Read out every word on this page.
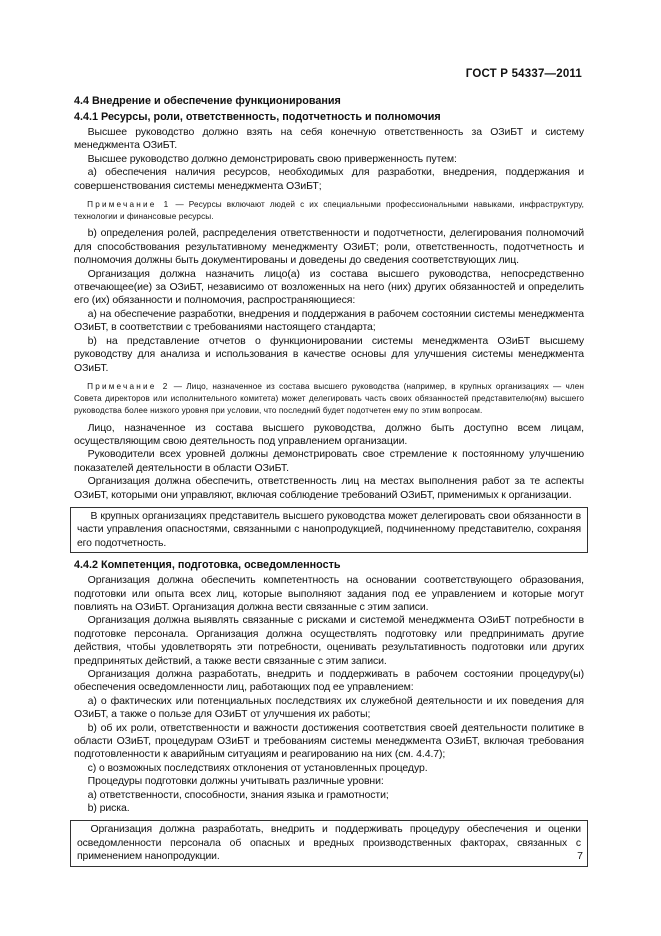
ГОСТ Р 54337—2011

4.4 Внедрение и обеспечение функционирования

4.4.1 Ресурсы, роли, ответственность, подотчетность и полномочия

Высшее руководство должно взять на себя конечную ответственность за ОЗиБТ и систему менеджмента ОЗиБТ.

Высшее руководство должно демонстрировать свою приверженность путем:

а) обеспечения наличия ресурсов, необходимых для разработки, внедрения, поддержания и совершенствования системы менеджмента ОЗиБТ;

Примечание 1 — Ресурсы включают людей с их специальными профессиональными навыками, инфраструктуру, технологии и финансовые ресурсы.

b) определения ролей, распределения ответственности и подотчетности, делегирования полномочий для способствования результативному менеджменту ОЗиБТ; роли, ответственность, подотчетность и полномочия должны быть документированы и доведены до сведения соответствующих лиц.

Организация должна назначить лицо(а) из состава высшего руководства, непосредственно отвечающее(ие) за ОЗиБТ, независимо от возложенных на него (них) других обязанностей и определить его (их) обязанности и полномочия, распространяющиеся:

а) на обеспечение разработки, внедрения и поддержания в рабочем состоянии системы менеджмента ОЗиБТ, в соответствии с требованиями настоящего стандарта;

b) на представление отчетов о функционировании системы менеджмента ОЗиБТ высшему руководству для анализа и использования в качестве основы для улучшения системы менеджмента ОЗиБТ.

Примечание 2 — Лицо, назначенное из состава высшего руководства (например, в крупных организациях — член Совета директоров или исполнительного комитета) может делегировать часть своих обязанностей представителю(ям) высшего руководства более низкого уровня при условии, что последний будет подотчетен ему по этим вопросам.

Лицо, назначенное из состава высшего руководства, должно быть доступно всем лицам, осуществляющим свою деятельность под управлением организации.

Руководители всех уровней должны демонстрировать свое стремление к постоянному улучшению показателей деятельности в области ОЗиБТ.

Организация должна обеспечить, ответственность лиц на местах выполнения работ за те аспекты ОЗиБТ, которыми они управляют, включая соблюдение требований ОЗиБТ, применимых к организации.

В крупных организациях представитель высшего руководства может делегировать свои обязанности в части управления опасностями, связанными с нанопродукцией, подчиненному представителю, сохраняя его подотчетность.

4.4.2 Компетенция, подготовка, осведомленность

Организация должна обеспечить компетентность на основании соответствующего образования, подготовки или опыта всех лиц, которые выполняют задания под ее управлением и которые могут повлиять на ОЗиБТ. Организация должна вести связанные с этим записи.

Организация должна выявлять связанные с рисками и системой менеджмента ОЗиБТ потребности в подготовке персонала. Организация должна осуществлять подготовку или предпринимать другие действия, чтобы удовлетворять эти потребности, оценивать результативность подготовки или других предпринятых действий, а также вести связанные с этим записи.

Организация должна разработать, внедрить и поддерживать в рабочем состоянии процедуру(ы) обеспечения осведомленности лиц, работающих под ее управлением:

а) о фактических или потенциальных последствиях их служебной деятельности и их поведения для ОЗиБТ, а также о пользе для ОЗиБТ от улучшения их работы;

b) об их роли, ответственности и важности достижения соответствия своей деятельности политике в области ОЗиБТ, процедурам ОЗиБТ и требованиям системы менеджмента ОЗиБТ, включая требования подготовленности к аварийным ситуациям и реагированию на них (см. 4.4.7);

c) о возможных последствиях отклонения от установленных процедур.

Процедуры подготовки должны учитывать различные уровни:

а) ответственности, способности, знания языка и грамотности;

b) риска.

Организация должна разработать, внедрить и поддерживать процедуру обеспечения и оценки осведомленности персонала об опасных и вредных производственных факторах, связанных с применением нанопродукции.	7
